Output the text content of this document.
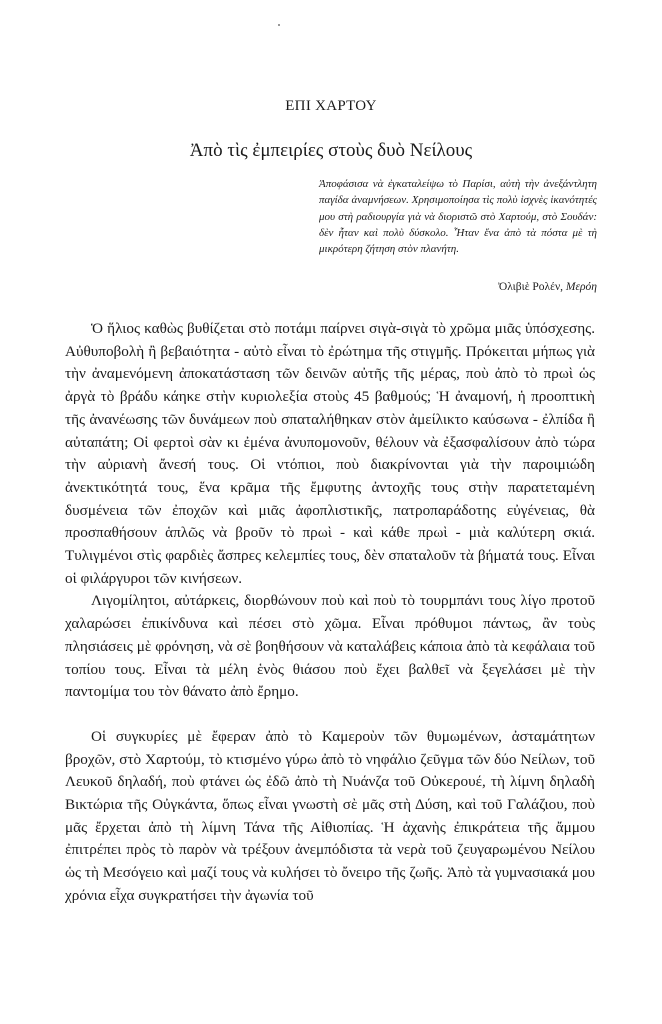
ΕΠΙ ΧΑΡΤΟΥ
Ἀπὸ τὶς ἐμπειρίες στοὺς δυὸ Νείλους

Ἀποφάσισα νὰ ἐγκαταλείψω τὸ Παρίσι, αὐτὴ τὴν ἀνεξάντλητη παγίδα ἀναμνήσεων. Χρησιμοποίησα τὶς πολὺ ἰσχνὲς ἱκανότητές μου στὴ ραδιουργία γιὰ νὰ διοριστῶ στὸ Χαρτούμ, στὸ Σουδάν: δὲν ἦταν καὶ πολὺ δύσκολο. Ἦταν ἕνα ἀπὸ τὰ πόστα μὲ τὴ μικρότερη ζήτηση στὸν πλανήτη.

Ὀλιβιὲ Ρολέν, Μερόη

Ὁ ἥλιος καθὼς βυθίζεται στὸ ποτάμι παίρνει σιγὰ-σιγὰ τὸ χρῶμα μιᾶς ὑπόσχεσης. Αὐθυποβολὴ ἢ βεβαιότητα - αὐτὸ εἶναι τὸ ἐρώτημα τῆς στιγμῆς. Πρόκειται μήπως γιὰ τὴν ἀναμενόμενη ἀποκατάσταση τῶν δεινῶν αὐτῆς τῆς μέρας, ποὺ ἀπὸ τὸ πρωὶ ὡς ἀργὰ τὸ βράδυ κάηκε στὴν κυριολεξία στοὺς 45 βαθμούς; Ἡ ἀναμονή, ἡ προοπτικὴ τῆς ἀνανέωσης τῶν δυνάμεων ποὺ σπαταλήθηκαν στὸν ἀμείλικτο καύσωνα - ἐλπίδα ἢ αὐταπάτη; Οἱ φερτοὶ σὰν κι ἐμένα ἀνυπομονοῦν, θέλουν νὰ ἐξασφαλίσουν ἀπὸ τώρα τὴν αὐριανὴ ἄνεσή τους. Οἱ ντόπιοι, ποὺ διακρίνονται γιὰ τὴν παροιμιώδη ἀνεκτικότητά τους, ἕνα κρᾶμα τῆς ἔμφυτης ἀντοχῆς τους στὴν παρατεταμένη δυσμένεια τῶν ἐποχῶν καὶ μιᾶς ἀφοπλιστικῆς, πατροπαράδοτης εὐγένειας, θὰ προσπαθήσουν ἁπλῶς νὰ βροῦν τὸ πρωὶ - καὶ κάθε πρωὶ - μιὰ καλύτερη σκιά. Τυλιγμένοι στὶς φαρδιὲς ἄσπρες κελεμπίες τους, δὲν σπαταλοῦν τὰ βήματά τους. Εἶναι οἱ φιλάργυροι τῶν κινήσεων.

Λιγομίλητοι, αὐτάρκεις, διορθώνουν ποὺ καὶ ποὺ τὸ τουρμπάνι τους λίγο προτοῦ χαλαρώσει ἐπικίνδυνα καὶ πέσει στὸ χῶμα. Εἶναι πρόθυμοι πάντως, ἂν τοὺς πλησιάσεις μὲ φρόνηση, νὰ σὲ βοηθήσουν νὰ καταλάβεις κάποια ἀπὸ τὰ κεφάλαια τοῦ τοπίου τους. Εἶναι τὰ μέλη ἑνὸς θιάσου ποὺ ἔχει βαλθεῖ νὰ ξεγελάσει μὲ τὴν παντομίμα του τὸν θάνατο ἀπὸ ἔρημο.

Οἱ συγκυρίες μὲ ἔφεραν ἀπὸ τὸ Καμεροὺν τῶν θυμωμένων, ἀσταμάτητων βροχῶν, στὸ Χαρτούμ, τὸ κτισμένο γύρω ἀπὸ τὸ νηφάλιο ζεῦγμα τῶν δύο Νείλων, τοῦ Λευκοῦ δηλαδή, ποὺ φτάνει ὡς ἐδῶ ἀπὸ τὴ Νυάνζα τοῦ Οὐκερουέ, τὴ λίμνη δηλαδὴ Βικτώρια τῆς Οὐγκάντα, ὅπως εἶναι γνωστὴ σὲ μᾶς στὴ Δύση, καὶ τοῦ Γαλάζιου, ποὺ μᾶς ἔρχεται ἀπὸ τὴ λίμνη Τάνα τῆς Αἰθιοπίας. Ἡ ἀχανὴς ἐπικράτεια τῆς ἄμμου ἐπιτρέπει πρὸς τὸ παρὸν νὰ τρέξουν ἀνεμπόδιστα τὰ νερὰ τοῦ ζευγαρωμένου Νείλου ὡς τὴ Μεσόγειο καὶ μαζί τους νὰ κυλήσει τὸ ὄνειρο τῆς ζωῆς. Ἀπὸ τὰ γυμνασιακά μου χρόνια εἶχα συγκρατήσει τὴν ἀγωνία τοῦ
